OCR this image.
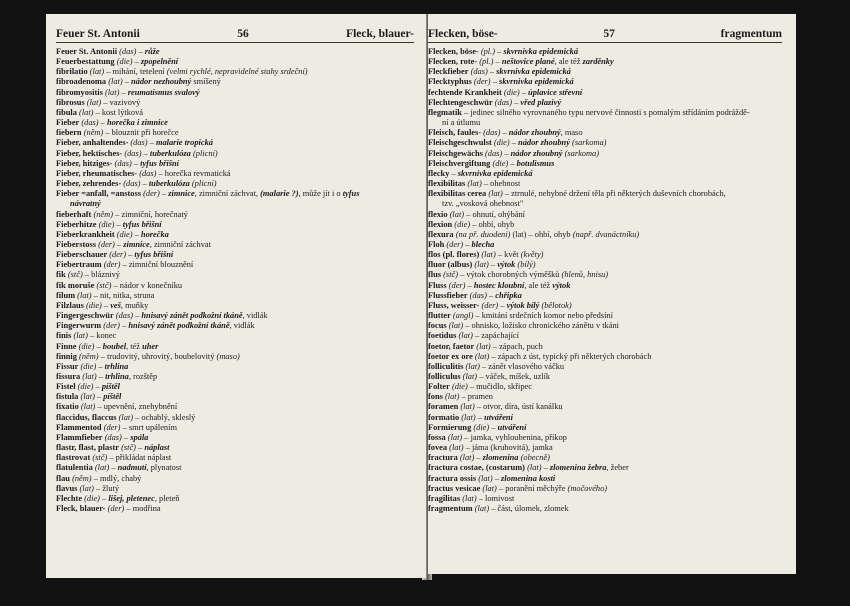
Feuer St. Antonii	56	Fleck, blauer-
Feuer St. Antonii (das) – růže
Feuerbestattung (die) – zpopelnění
fibrilatio (lat) – mihání, tetelení (velmi rychlé, nepravidelné stahy srdeční)
fibroadenoma (lat) – nádor nezhoubný smíšený
fibromyositis (lat) – reumatismus svalový
fibrosus (lat) – vazivový
fibula (lat) – kost lýtková
Fieber (das) – horečka i zimnice
fiebern (něm) – blouznit při horečce
Fieber, anhaltendes- (das) – malarie tropická
Fieber, hektisches- (das) – tuberkulóza (plicní)
Fieber, hitziges- (das) – tyfus břišní
Fieber, rheumatisches- (das) – horečka revmatická
Fieber, zehrendes- (das) – tuberkulóza (plicní)
Fieber =anfall, =anstoss (der) – zimnice, zimniční záchvat, (malarie ?), může jít i o tyfus
návratný
fieberhaft (něm) – zimniční, horečnatý
Fieberhitze (die) – tyfus břišní
Fieberkrankheit (die) – horečka
Fieberstoss (der) – zimnice, zimniční záchvat
Fieberschauer (der) – tyfus břišní
Fiebertraum (der) – zimniční blouznění
fik (stč) – bláznivý
fik moruše (stč) – nádor v konečníku
filum (lat) – nit, nitka, struna
Filzlaus (die) – veš, muňky
Fingergeschwür (das) – hnisavý zánět podkožní tkáně, vidlák
Fingerwurm (der) – hnisavý zánět podkožní tkáně, vidlák
finis (lat) – konec
Finne (die) – boubel, též uher
finnig (něm) – trudovitý, uhrovitý, boubelovitý (maso)
Fissur (die) – trhlina
fissura (lat) – trhlina, rozštěp
Fistel (die) – píštěl
fistula (lat) – píštěl
fixatio (lat) – upevnění, znehybnění
flaccidus, flaccus (lat) – ochablý, skleslý
Flammentod (der) – smrt upálením
Flammfieber (das) – spála
flastr, flast, plastr (stč) – náplast
flastrovat (stč) – přikládat náplast
flatulentia (lat) – nadmutí, plynatost
flau (něm) – mdlý, chabý
flavus (lat) – žlutý
Flechte (die) – lišej, pletenec, pleteň
Fleck, blauer- (der) – modřina
Flecken, böse-	57	fragmentum
Flecken, böse- (pl.) – skvrnivka epidemická
Flecken, rote- (pl.) – neštovice plané, ale též zarděnky
Fleckfieber (das) – skvrnivka epidemická
Flecktyphus (der) – skvrnivka epidemická
fechtende Krankheit (die) – úplavice střevní
Flechtengeschwür (das) – vřed plazivý
flegmatik – jedinec silného vyrovnaného typu nervové činnosti s pomalým střídáním podráždě-
ní a útlumu
Fleisch, faules- (das) – nádor zhoubný, maso
Fleischgeschwulst (die) – nádor zhoubný (sarkoma)
Fleischgewächs (das) – nádor zhoubný (sarkoma)
Fleischvergiftung (die) – botulismus
flecky – skvrnivka epidemická
flexibilitas (lat) – ohebnost
flexibilitas cerea (lat) – ztrnulé, nehybné držení těla při některých duševních chorobách,
tzv. „vosková ohebnost"
flexio (lat) – ohnutí, ohýbání
flexion (die) – ohbí, ohyb
flexura (na př. duodeni) (lat) – ohbí, ohyb (např. dvanáctníku)
Floh (der) – blecha
flos (pl. flores) (lat) – květ (květy)
fluor (albus) (lat) – výtok (bílý)
flus (stč) – výtok chorobných výměšků (hlenů, hnisu)
Fluss (der) – hostec kloubní, ale též výtok
Flussfieber (das) – chřipka
Fluss, weisser- (der) – výtok bílý (bělotok)
flutter (angl) – kmitání srdečních komor nebo předsíní
focus (lat) – ohnisko, ložisko chronického zánětu v tkáni
foetidus (lat) – zapáchající
foetor, faetor (lat) – zápach, puch
foetor ex ore (lat) – zápach z úst, typický při některých chorobách
folliculitis (lat) – zánět vlasového váčku
folliculus (lat) – váček, míšek, uzlík
Folter (die) – mučidlo, skřipec
fons (lat) – pramen
foramen (lat) – otvor, díra, ústí kanálku
formatio (lat) – utváření
Formierung (die) – utváření
fossa (lat) – jamka, vyhloubenina, příkop
fovea (lat) – jáma (kruhovitá), jamka
fractura (lat) – zlomenina (obecně)
fractura costae, (costarum) (lat) – zlomenina žebra, žeber
fractura ossis (lat) – zlomenina kosti
fractus vesicae (lat) – poranění měchýře (močového)
fragilitas (lat) – lomivost
fragmentum (lat) – část, úlomek, zlomek
